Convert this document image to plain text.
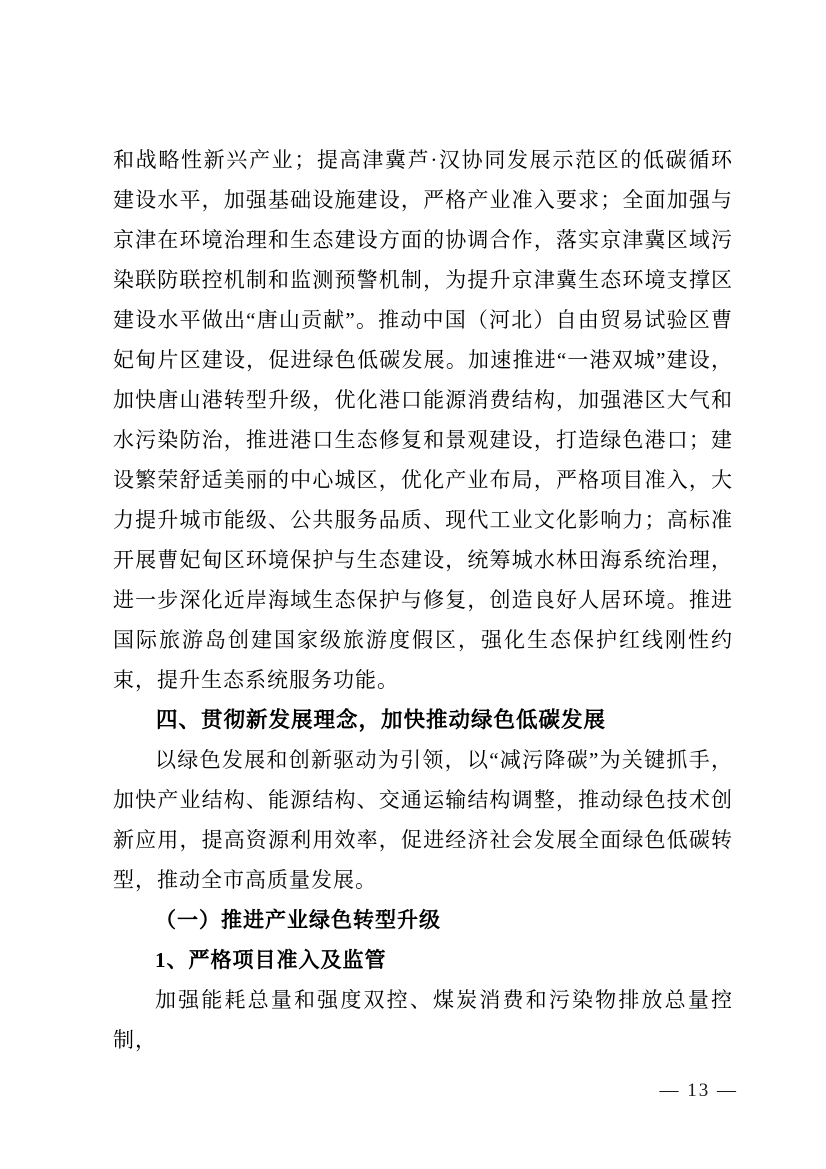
和战略性新兴产业；提高津冀芦·汉协同发展示范区的低碳循环建设水平，加强基础设施建设，严格产业准入要求；全面加强与京津在环境治理和生态建设方面的协调合作，落实京津冀区域污染联防联控机制和监测预警机制，为提升京津冀生态环境支撑区建设水平做出“唐山贡献”。推动中国（河北）自由贸易试验区曹妃甸片区建设，促进绿色低碳发展。加速推进“一港双城”建设，加快唐山港转型升级，优化港口能源消费结构，加强港区大气和水污染防治，推进港口生态修复和景观建设，打造绿色港口；建设繁荣舒适美丽的中心城区，优化产业布局，严格项目准入，大力提升城市能级、公共服务品质、现代工业文化影响力；高标准开展曹妃甸区环境保护与生态建设，统筹城水林田海系统治理，进一步深化近岸海域生态保护与修复，创造良好人居环境。推进国际旅游岛创建国家级旅游度假区，强化生态保护红线刚性约束，提升生态系统服务功能。

四、贯彻新发展理念，加快推动绿色低碳发展

以绿色发展和创新驱动为引领，以“减污降碳”为关键抓手，加快产业结构、能源结构、交通运输结构调整，推动绿色技术创新应用，提高资源利用效率，促进经济社会发展全面绿色低碳转型，推动全市高质量发展。

（一）推进产业绿色转型升级
1、严格项目准入及监管

加强能耗总量和强度双控、煤炭消费和污染物排放总量控制，

— 13 —
